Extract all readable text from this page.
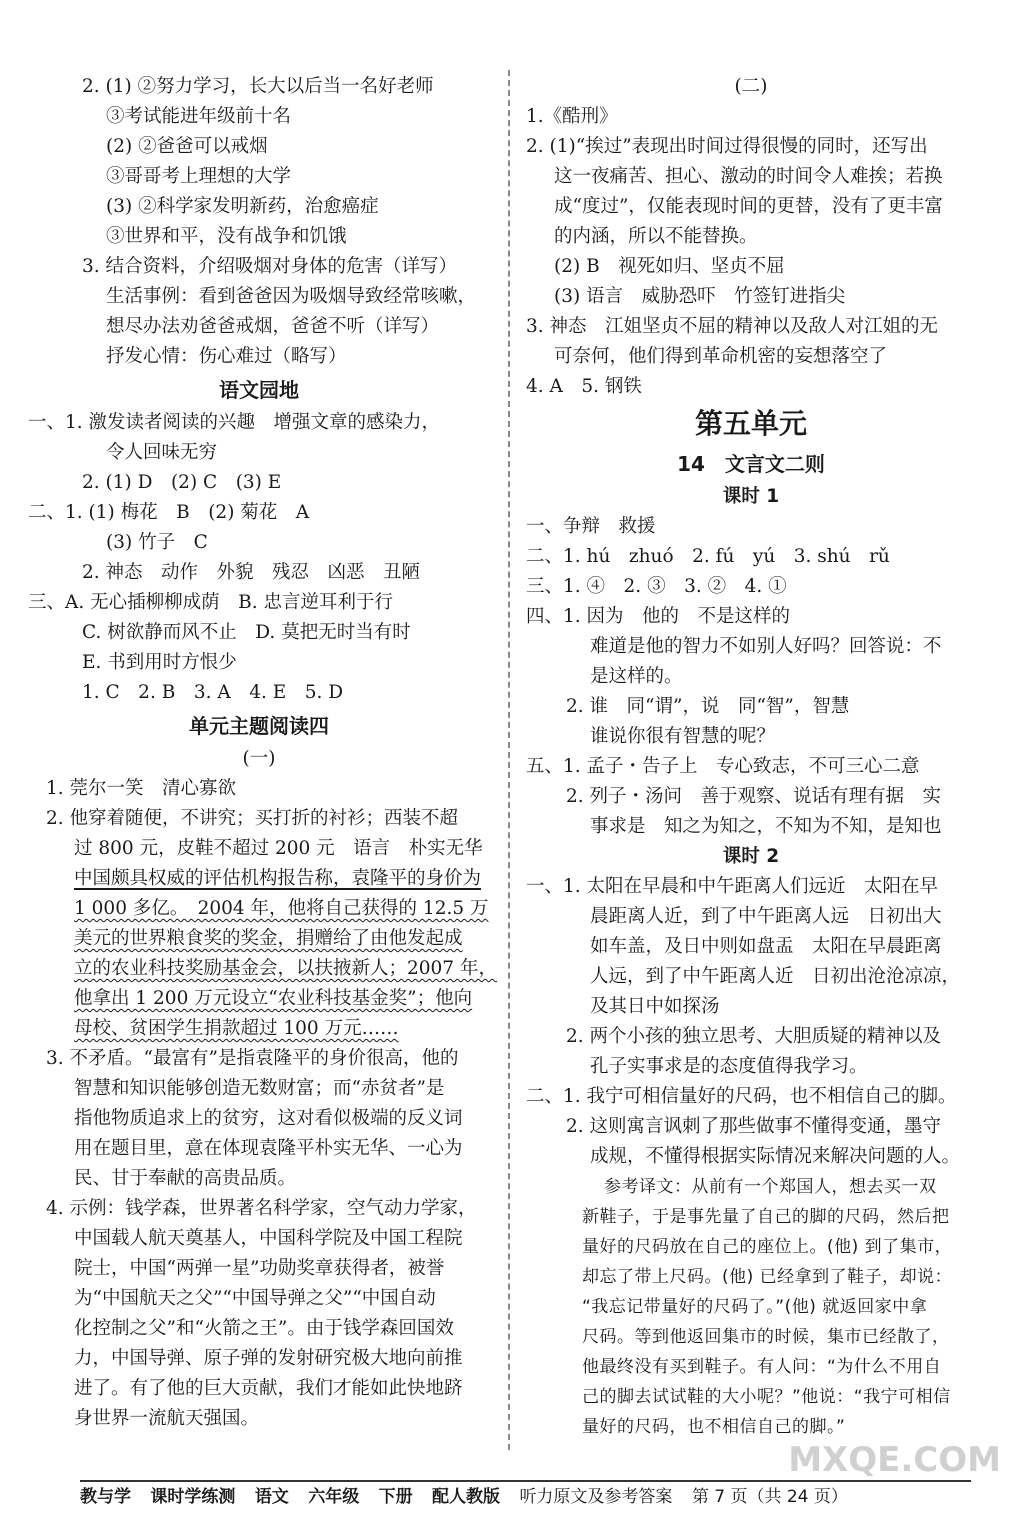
2. (1) ②努力学习，长大以后当一名好老师
③考试能进年级前十名
(2) ②爸爸可以戒烟
③哥哥考上理想的大学
(3) ②科学家发明新药，治愈癌症
③世界和平，没有战争和饥饿
3. 结合资料，介绍吸烟对身体的危害（详写）
生活事例：看到爸爸因为吸烟导致经常咳嗽，
想尽办法劝爸爸戒烟，爸爸不听（详写）
抒发心情：伤心难过（略写）
语文园地
一、1. 激发读者阅读的兴趣　增强文章的感染力，
令人回味无穷
2. (1) D　(2) C　(3) E
二、1. (1) 梅花　B　(2) 菊花　A
(3) 竹子　C
2. 神态　动作　外貌　残忍　凶恶　丑陋
三、A. 无心插柳柳成荫　B. 忠言逆耳利于行
C. 树欲静而风不止　D. 莫把无时当有时
E. 书到用时方恨少
1. C　2. B　3. A　4. E　5. D
单元主题阅读四
(一)
1. 莞尔一笑　清心寡欲
2. 他穿着随便，不讲究；买打折的衬衫；西装不超
过 800 元，皮鞋不超过 200 元　语言　朴实无华
中国颇具权威的评估机构报告称，袁隆平的身价为
1 000 多亿。　2004 年，他将自己获得的 12.5 万
美元的世界粮食奖的奖金，捐赠给了由他发起成
立的农业科技奖励基金会，以扶掖新人；2007 年，
他拿出 1 200 万元设立“农业科技基金奖”；他向
母校、贫困学生捐款超过 100 万元……
3. 不矛盾。“最富有”是指袁隆平的身价很高，他的
智慧和知识能够创造无数财富；而“赤贫者”是
指他物质追求上的贫穷，这对看似极端的反义词
用在题目里，意在体现袁隆平朴实无华、一心为
民、甘于奉献的高贵品质。
4. 示例：钱学森，世界著名科学家，空气动力学家，
中国载人航天奠基人，中国科学院及中国工程院
院士，中国“两弹一星”功勋奖章获得者，被誉
为“中国航天之父”“中国导弹之父”“中国自动
化控制之父”和“火箭之王”。由于钱学森回国效
力，中国导弹、原子弹的发射研究极大地向前推
进了。有了他的巨大贡献，我们才能如此快地跻
身世界一流航天强国。
(二)
1.《酷刑》
2. (1)“挨过”表现出时间过得很慢的同时，还写出
这一夜痛苦、担心、激动的时间令人难挨；若换
成“度过”，仅能表现时间的更替，没有了更丰富
的内涵，所以不能替换。
(2) B　视死如归、坚贞不屈
(3) 语言　威胁恐吓　竹签钉进指尖
3. 神态　江姐坚贞不屈的精神以及敌人对江姐的无
可奈何，他们得到革命机密的妄想落空了
4. A　5. 钢铁
第五单元
14　文言文二则
课时 1
一、争辩　救援
二、1. hú　zhuó　2. fú　yú　3. shú　rǔ
三、1. ④　2. ③　3. ②　4. ①
四、1. 因为　他的　不是这样的
难道是他的智力不如别人好吗？回答说：不
是这样的。
2. 谁　同“谓”，说　同“智”，智慧
谁说你很有智慧的呢？
五、1. 孟子・告子上　专心致志，不可三心二意
2. 列子・汤问　善于观察、说话有理有据　实
事求是　知之为知之，不知为不知，是知也
课时 2
一、1. 太阳在早晨和中午距离人们远近　太阳在早
晨距离人近，到了中午距离人远　日初出大
如车盖，及日中则如盘盂　太阳在早晨距离
人远，到了中午距离人近　日初出沧沧凉凉，
及其日中如探汤
2. 两个小孩的独立思考、大胆质疑的精神以及
孔子实事求是的态度值得我学习。
二、1. 我宁可相信量好的尺码，也不相信自己的脚。
2. 这则寓言讽刺了那些做事不懂得变通，墨守
成规，不懂得根据实际情况来解决问题的人。
参考译文：从前有一个郑国人，想去买一双
新鞋子，于是事先量了自己的脚的尺码，然后把
量好的尺码放在自己的座位上。(他) 到了集市，
却忘了带上尺码。(他) 已经拿到了鞋子，却说：
“我忘记带量好的尺码了。”(他) 就返回家中拿
尺码。等到他返回集市的时候，集市已经散了，
他最终没有买到鞋子。有人问：“为什么不用自
己的脚去试试鞋的大小呢？”他说：“我宁可相信
量好的尺码，也不相信自己的脚。”
教与学 课时学练测 语文 六年级 下册 配人教版 听力原文及参考答案 第 7 页（共 24 页）
MXQE.COM
